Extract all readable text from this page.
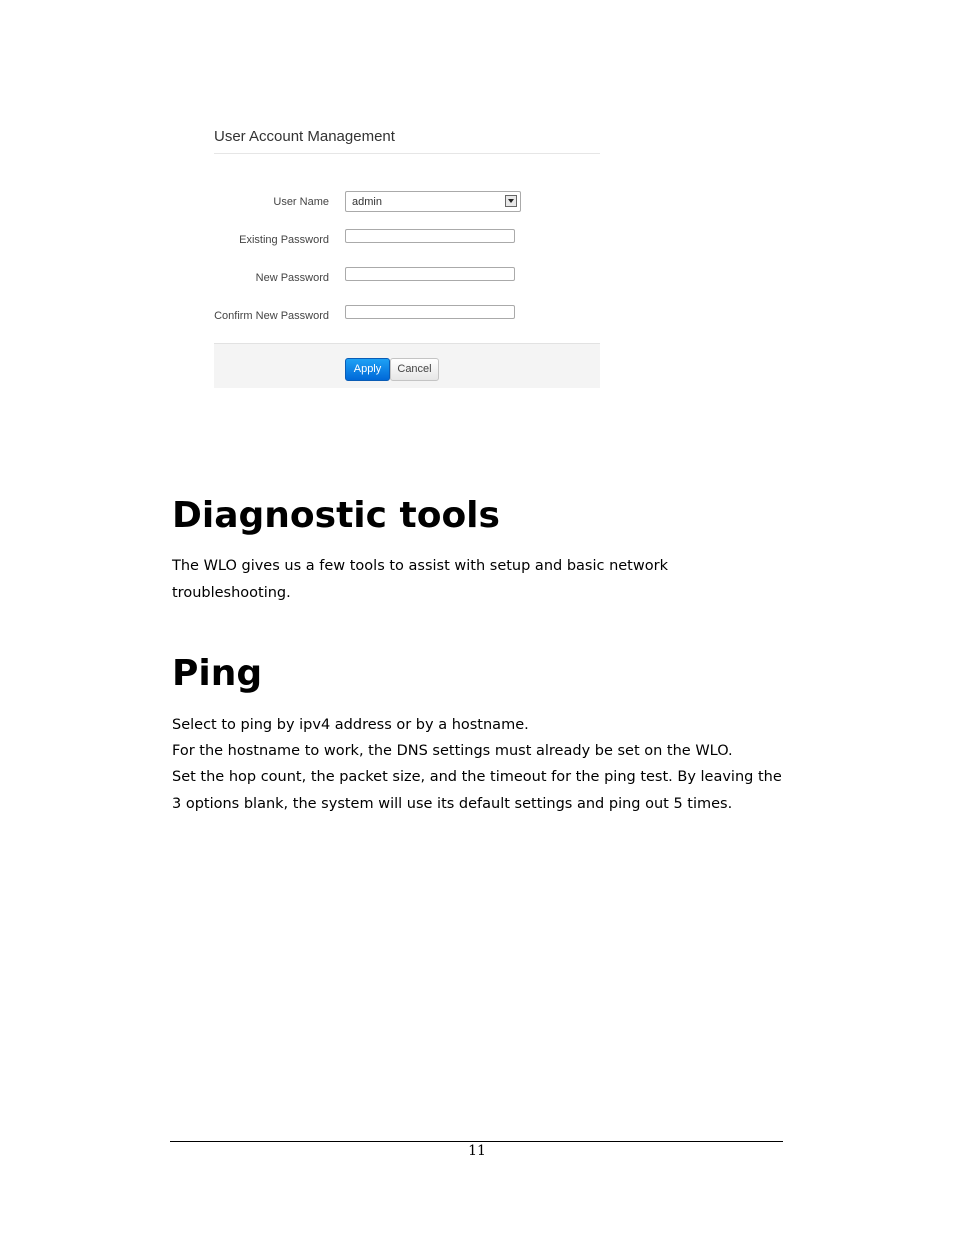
User Account Management
User Name admin
Existing Password
New Password
Confirm New Password
Apply	Cancel
Diagnostic tools

The WLO gives us a few tools to assist with setup and basic network

troubleshooting.

Ping

Select to ping by ipv4 address or by a hostname.

For the hostname to work, the DNS settings must already be set on the WLO.

Set the hop count, the packet size, and the timeout for the ping test. By leaving the

3 options blank, the system will use its default settings and ping out 5 times.

11
